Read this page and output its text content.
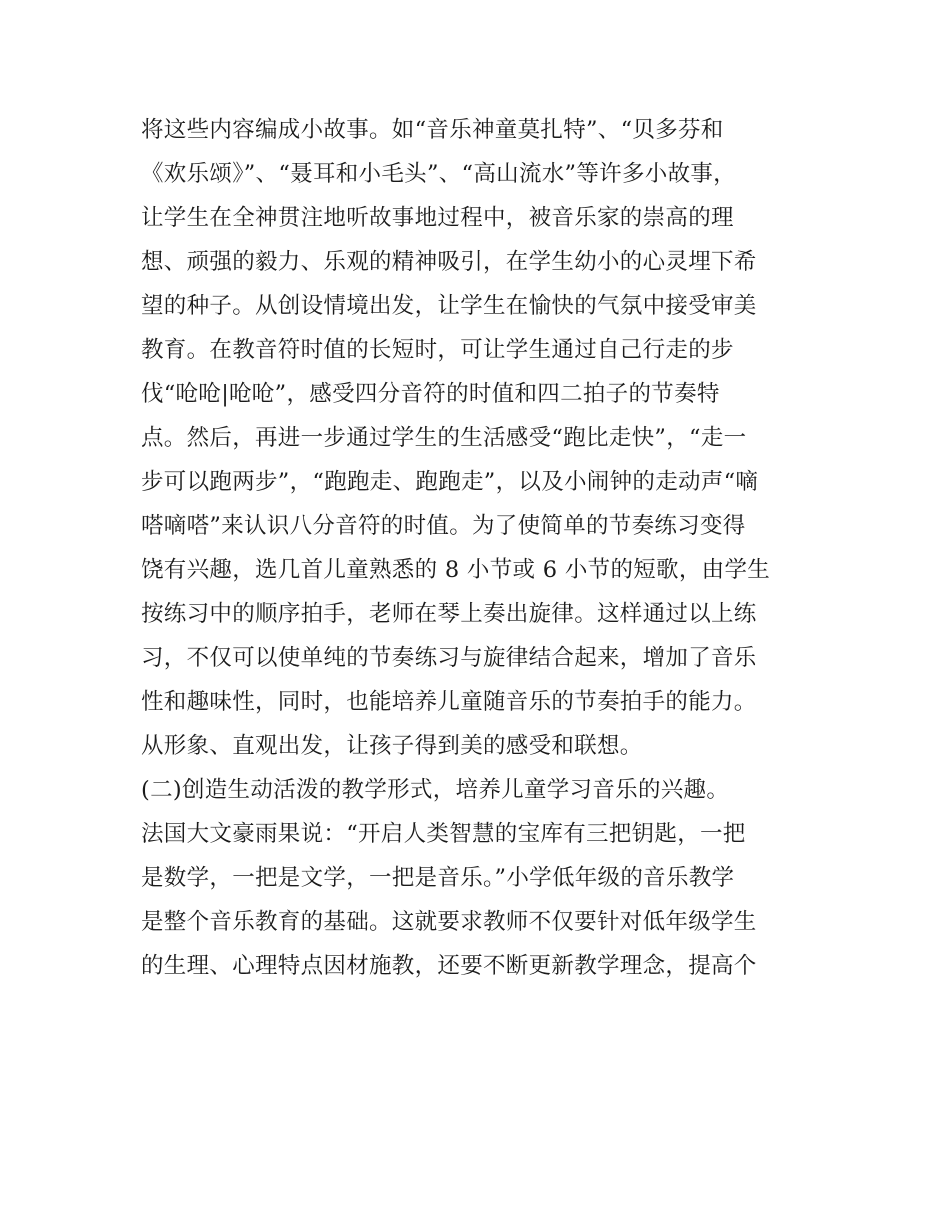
将这些内容编成小故事。如“音乐神童莫扎特”、“贝多芬和
《欢乐颂》”、“聂耳和小毛头”、“高山流水”等许多小故事，
让学生在全神贯注地听故事地过程中，被音乐家的崇高的理
想、顽强的毅力、乐观的精神吸引，在学生幼小的心灵埋下希
望的种子。从创设情境出发，让学生在愉快的气氛中接受审美
教育。在教音符时值的长短时，可让学生通过自己行走的步
伐“呛呛|呛呛”，感受四分音符的时值和四二拍子的节奏特
点。然后，再进一步通过学生的生活感受“跑比走快”，“走一
步可以跑两步”，“跑跑走、跑跑走”，以及小闹钟的走动声“嘀
嗒嘀嗒”来认识八分音符的时值。为了使简单的节奏练习变得
饶有兴趣，选几首儿童熟悉的 8 小节或 6 小节的短歌，由学生
按练习中的顺序拍手，老师在琴上奏出旋律。这样通过以上练
习，不仅可以使单纯的节奏练习与旋律结合起来，增加了音乐
性和趣味性，同时，也能培养儿童随音乐的节奏拍手的能力。
从形象、直观出发，让孩子得到美的感受和联想。
(二)创造生动活泼的教学形式，培养儿童学习音乐的兴趣。
法国大文豪雨果说：“开启人类智慧的宝库有三把钥匙，一把
是数学，一把是文学，一把是音乐。”小学低年级的音乐教学
是整个音乐教育的基础。这就要求教师不仅要针对低年级学生
的生理、心理特点因材施教，还要不断更新教学理念，提高个
